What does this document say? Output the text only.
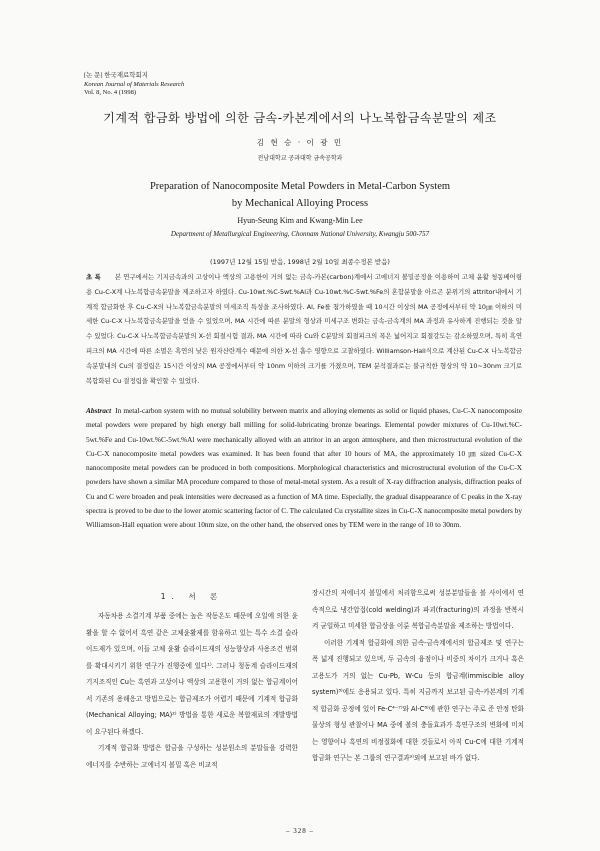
[논 문] 한국재료학회지
Korean Journal of Materials Research
Vol. 8, No. 4 (1998)
기계적 합금화 방법에 의한 금속-카본계에서의 나노복합금속분말의 제조
김 현 승 · 이 광 민
전남대학교 공과대학 금속공학과
Preparation of Nanocomposite Metal Powders in Metal-Carbon System
by Mechanical Alloying Process
Hyun-Seung Kim and Kwang-Min Lee
Department of Metallurgical Engineering, Chonnam National University, Kwangju 500-757
(1997년 12월 15일 받음, 1998년 2월 10일 최종수정본 받음)
초 록 본 연구에서는 기지금속과의 고상이나 액상의 고용한이 거의 없는 금속-카본(carbon)계에서 고에너지 볼밀공정을 이용하여 고체 윤활 청동베어링용 Cu-C-X계 나노복합금속분말을 제조하고자 하였다. Cu-10wt.%C-5wt.%Al과 Cu-10wt.%C-5wt.%Fe의 혼합분말을 아르곤 분위기의 attritor내에서 기계적 합금화한 후 Cu-C-X의 나노복합금속분말의 미세조직 특성을 조사하였다. Al, Fe를 첨가하였을 때 10시간 이상의 MA 공정에서부터 약 10㎛ 이하의 미세한 Cu-C-X 나노복합금속분말을 얻을 수 있었으며, MA 시간에 따른 분말의 형상과 미세구조 변화는 금속-금속계의 MA 과정과 유사하게 진행되는 것을 알 수 있었다. Cu-C-X 나노복합금속분말의 X-선 회절시험 결과, MA 시간에 따라 Cu와 C분말의 회절피크의 폭은 넓어지고 회절강도는 감소하였으며, 특히 흑연피크의 MA 시간에 따른 소멸은 흑연의 낮은 원자산란계수 때문에 의한 X-선 흡수 영향으로 고찰하였다. Williamson-Hall식으로 계산된 Cu-C-X 나노복합금속분말내의 Cu의 결정립은 15시간 이상의 MA 공정에서부터 약 10nm 이하의 크기를 가졌으며, TEM 분석결과로는 불규칙한 형상의 약 10~30nm 크기로 복합화된 Cu 결정립을 확인할 수 있었다.
Abstract In metal-carbon system with no mutual solubility between matrix and alloying elements as solid or liquid phases, Cu-C-X nanocomposite metal powders were prepared by high energy ball milling for solid-lubricating bronze bearings. Elemental powder mixtures of Cu-10wt.%C-5wt.%Fe and Cu-10wt.%C-5wt.%Al were mechanically alloyed with an attritor in an argon atmosphere, and then microstructural evolution of the Cu-C-X nanocomposite metal powders was examined. It has been found that after 10 hours of MA, the approximately 10 ㎛ sized Cu-C-X nanocomposite metal powders can be produced in both compositions. Morphological characteristics and microstructural evolution of the Cu-C-X powders have shown a similar MA procedure compared to those of metal-metal system. As a result of X-ray diffraction analysis, diffraction peaks of Cu and C were broaden and peak intensities were decreased as a function of MA time. Especially, the gradual disappearance of C peaks in the X-ray spectra is proved to be due to the lower atomic scattering factor of C. The calculated Cu crystallite sizes in Cu-C-X nanocomposite metal powders by Williamson-Hall equation were about 10nm size, on the other hand, the observed ones by TEM were in the range of 10 to 30nm.
1. 서 론

자동차용 소결기계 부품 중에는 높은 작동온도 때문에 오일에 의한 윤활을 할 수 없어서 흑연 같은 고체윤활제를 함유하고 있는 특수 소결 슬라이드재가 있으며, 이들 고체 윤활 슬라이드재의 성능향상과 사용조건 범위를 확대시키기 위한 연구가 진행중에 있다¹⁾. 그러나 청동계 슬라이드재의 기지조직인 Cu는 흑연과 고상이나 액상의 고용한이 거의 없는 합금계이어서 기존의 용해응고 방법으로는 합금제조가 어렵기 때문에 기계적 합금화(Mechanical Alloying; MA)²⁾ 방법을 통한 새로운 복합재료의 개발방법이 요구된다 하겠다.

기계적 합금화 방법은 합금을 구성하는 성분원소의 분말들을 강력한 에너지를 수반하는 고에너지 볼밀 혹은 비교적

장시간의 저에너지 볼밀에서 처리함으로써 성분분말들을 볼 사이에서 연속적으로 냉간압접(cold welding)과 파괴(fracturing)의 과정을 반복시켜 균일하고 미세한 합금상을 이룬 복합금속분말을 제조하는 방법이다.

이러한 기계적 합금화에 의한 금속-금속계에서의 합금제조 및 연구는 폭 넓게 진행되고 있으며, 두 금속의 융점이나 비중의 차이가 크거나 혹은 고용도가 거의 없는 Cu-Pb, W-Cu 등의 합금계(immiscible alloy system)³⁾에도 응용되고 있다. 특히 지금까지 보고된 금속-카본계의 기계적 합금화 공정에 있어 Fe-C⁴⁻⁷⁾와 Al-C⁸⁾에 관한 연구는 주로 준 안정 탄화물상의 형성 관찰이나 MA 중에 볼의 충돌효과가 흑연구조의 변화에 미치는 영향이나 흑연의 비정질화에 대한 것들로서 아직 Cu-C에 대한 기계적 합금화 연구는 본 그룹의 연구결과⁹⁾외에 보고된 바가 없다.

– 328 –
